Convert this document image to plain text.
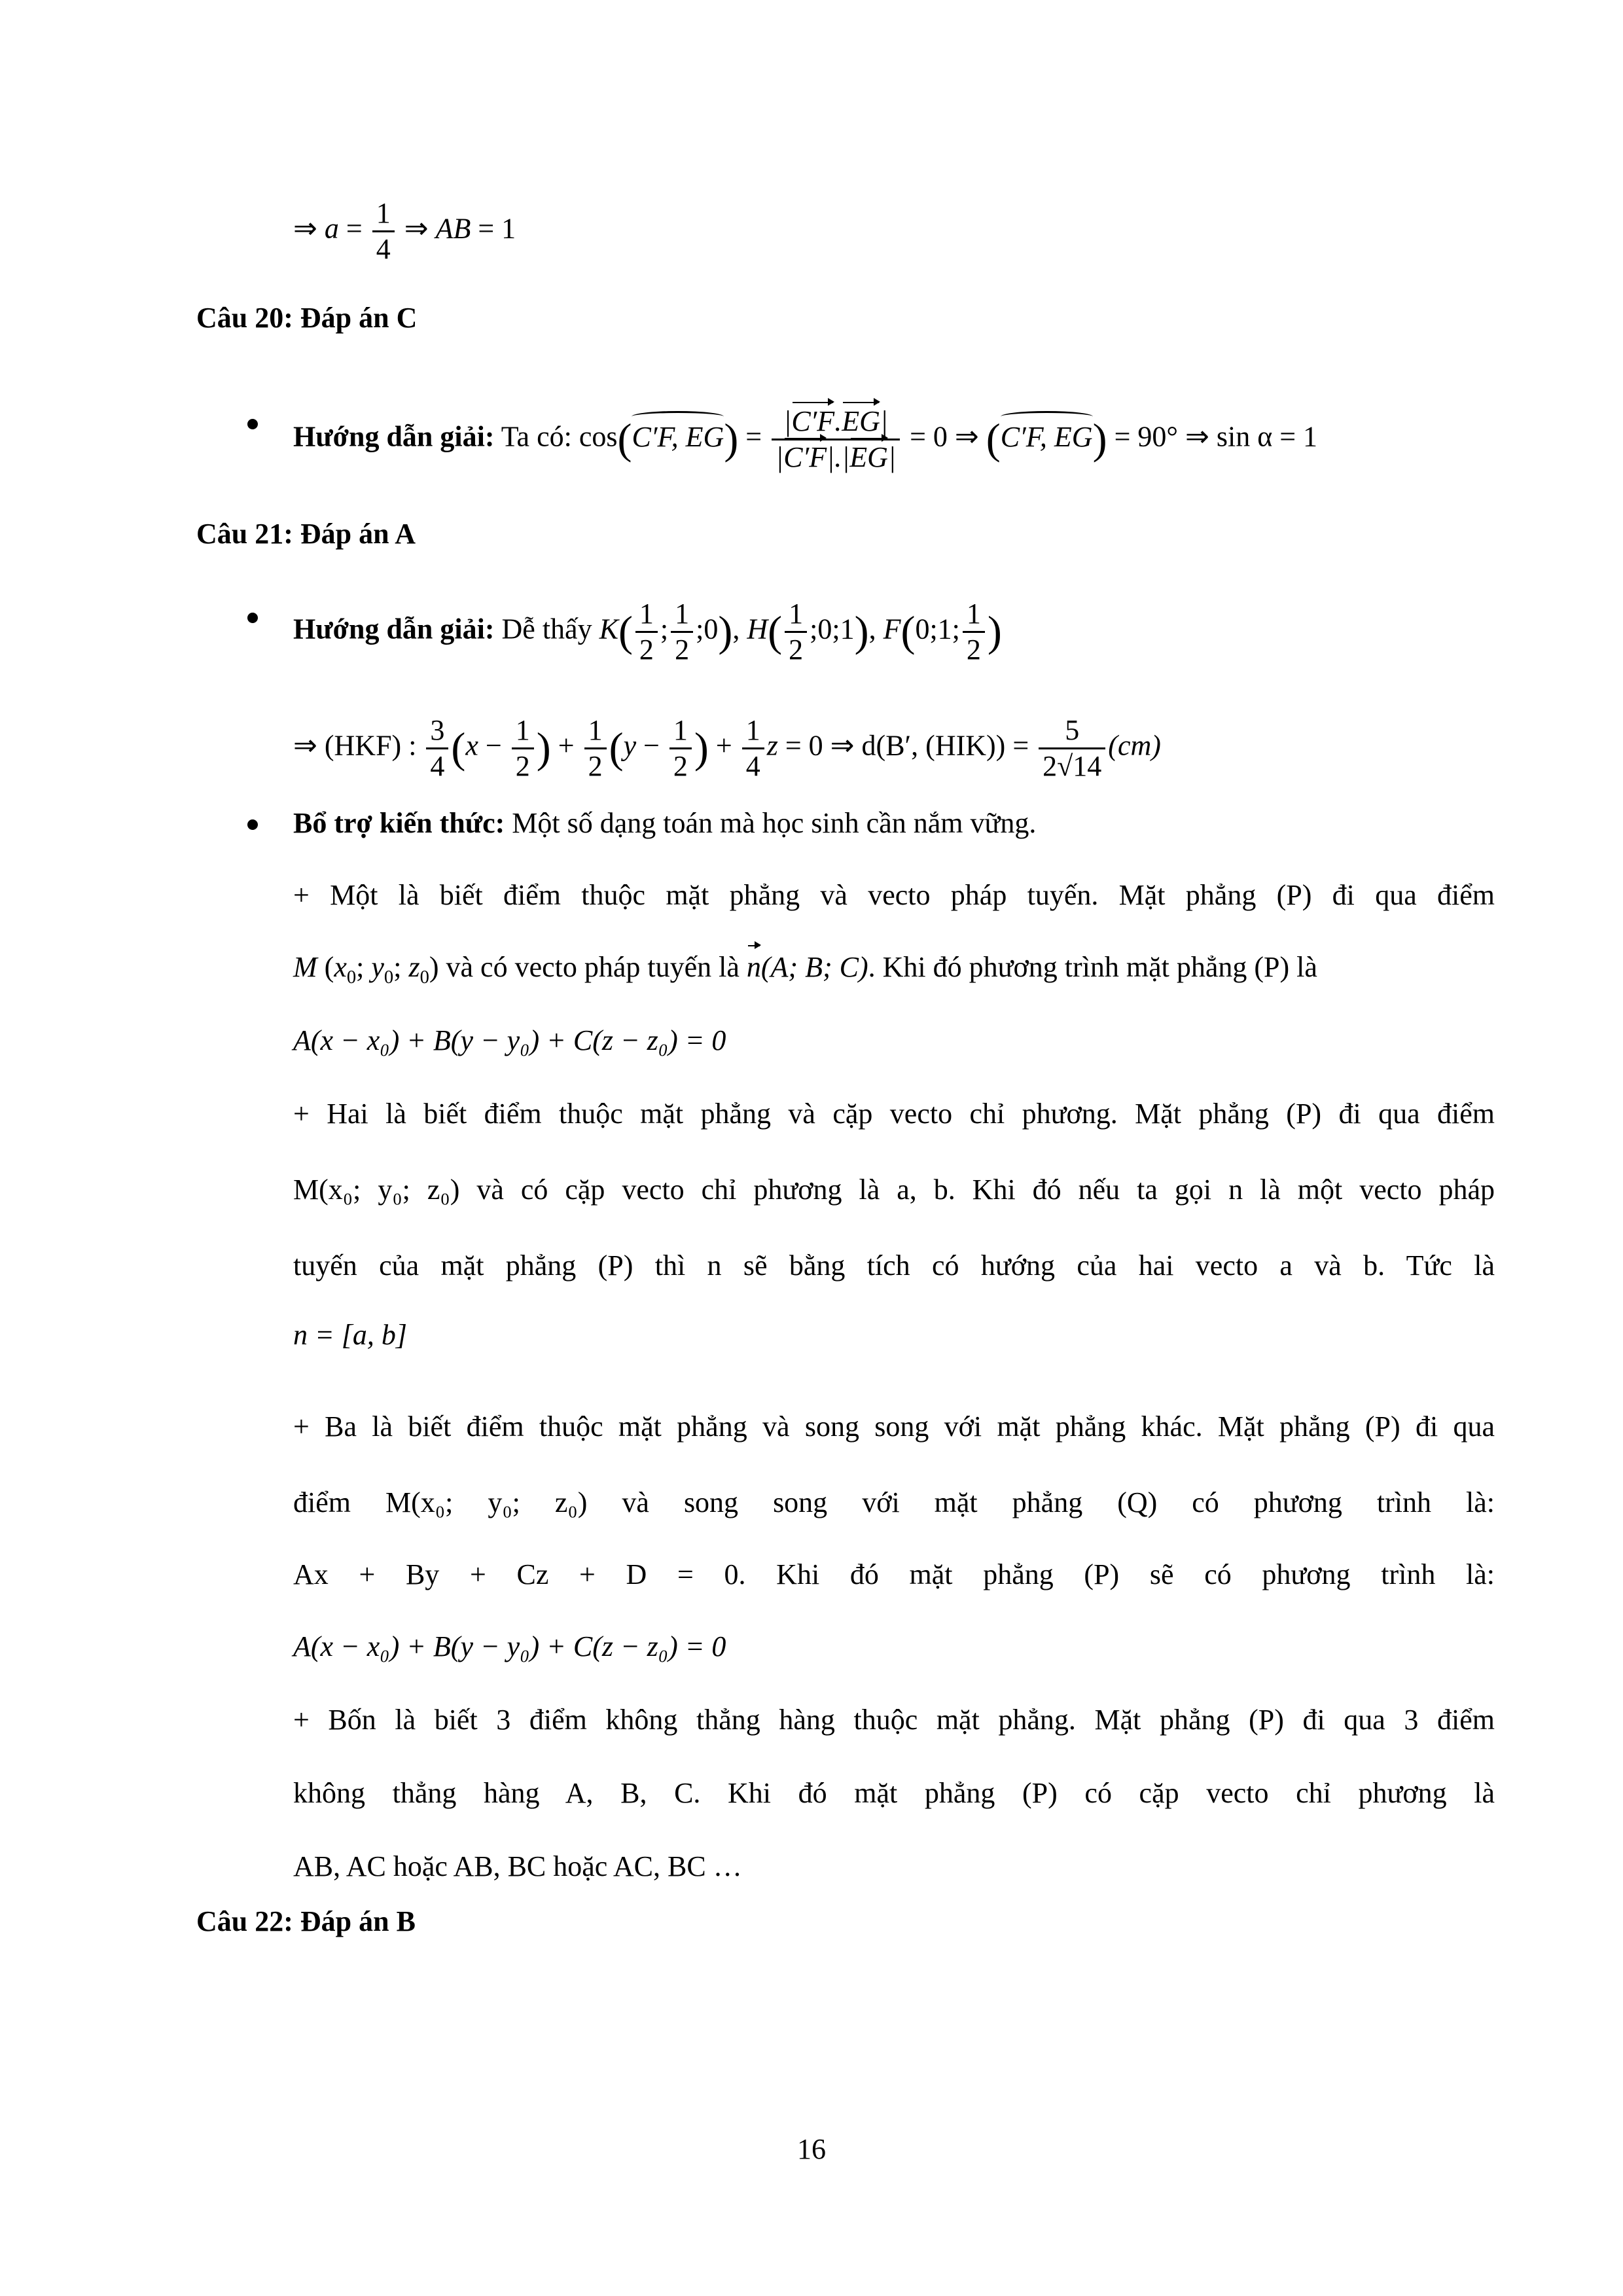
⇒ $a = \frac{1}{4}$ ⇒ AB = 1
Câu 20: Đáp án C
Hướng dẫn giải: Ta có: cos(C′F, $EG) = \frac{|C'F.EG|}{|C'F|.|EG|} = 0$ ⇒ (C′F, EG) = 90° ⇒ sin α = 1
Câu 21: Đáp án A
Hướng dẫn giải: Dễ thấy $K( \frac{1}{2}$ ; $\frac{1}{2}$ ;0), $H( \frac{1}{2}$ ;0;1), F(0;1; $\frac{1}{2}$ )
⇒ (HKF) : $\frac{3}{4} (x - \frac{1}{2}$ ) + $\frac{1}{2} (y - \frac{1}{2}$ ) + $\frac{1}{4}$ z = 0 ⇒ d(B′, $(HIK)) = \frac{5}{2√14} (cm)$
Bổ trợ kiến thức: Một số dạng toán mà học sinh cần nắm vững.
+ Một là biết điểm thuộc mặt phẳng và vecto pháp tuyến. Mặt phẳng (P) đi qua điểm
M ($x_0$; $y_0$; $z_0$) và có vecto pháp tuyến là n(A; B; C). Khi đó phương trình mặt phẳng (P) là
A(x − x₀) + B(y − y₀) + C(z − z₀) = 0
+ Hai là biết điểm thuộc mặt phẳng và cặp vecto chỉ phương. Mặt phẳng (P) đi qua điểm
M(x₀; y₀; z₀) và có cặp vecto chỉ phương là a, b. Khi đó nếu ta gọi n là một vecto pháp
tuyến của mặt phẳng (P) thì n sẽ bằng tích có hướng của hai vecto a và b. Tức là
n = [a, b]
+ Ba là biết điểm thuộc mặt phẳng và song song với mặt phẳng khác. Mặt phẳng (P) đi qua
điểm M(x₀; y₀; z₀) và song song với mặt phẳng (Q) có phương trình là:
Ax + By + Cz + D = 0. Khi đó mặt phẳng (P) sẽ có phương trình là:
A(x − x₀) + B(y − y₀) + C(z − z₀) = 0
+ Bốn là biết 3 điểm không thẳng hàng thuộc mặt phẳng. Mặt phẳng (P) đi qua 3 điểm
không thẳng hàng A, B, C. Khi đó mặt phẳng (P) có cặp vecto chỉ phương là
AB, AC hoặc AB, BC hoặc AC, BC …
Câu 22: Đáp án B
16
